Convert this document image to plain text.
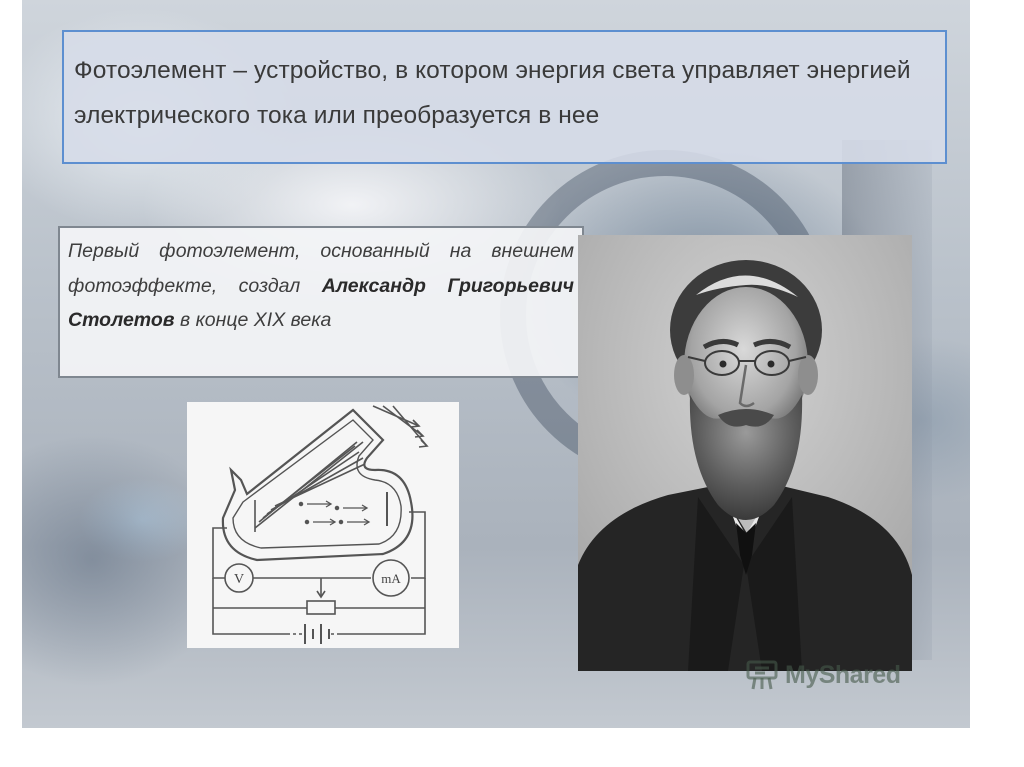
Фотоэлемент – устройство, в котором энергия света управляет энергией электрического тока или преобразуется в нее

Первый фотоэлемент, основанный на внешнем фотоэффекте, создал Александр Григорьевич Столетов в конце XIX века

V	mA
MyShared
